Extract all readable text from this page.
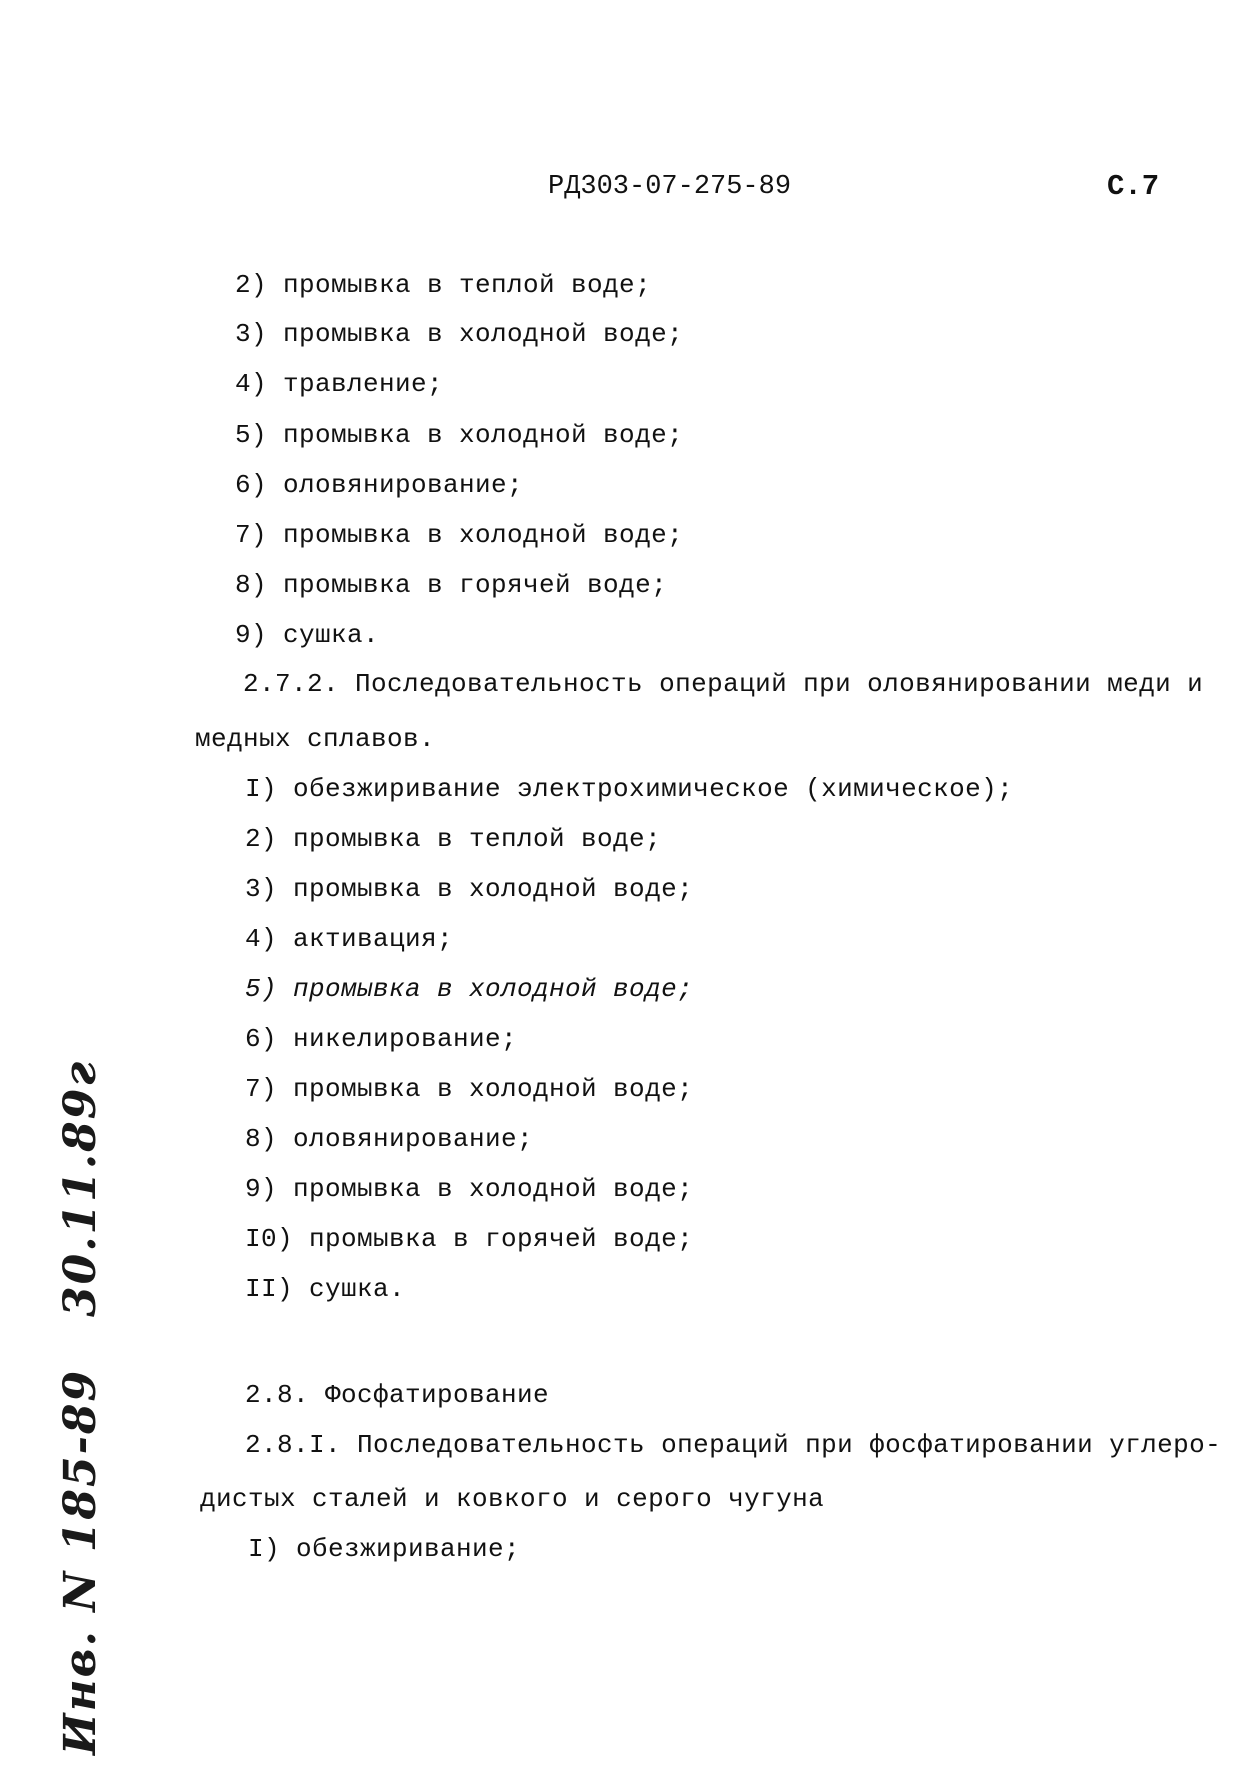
РД303-07-275-89	С.7
2) промывка в теплой воде;
3) промывка в холодной воде;
4) травление;
5) промывка в холодной воде;
6) оловянирование;
7) промывка в холодной воде;
8) промывка в горячей воде;
9) сушка.
2.7.2. Последовательность операций при оловянировании меди и
медных сплавов.
I) обезжиривание электрохимическое (химическое);
2) промывка в теплой воде;
3) промывка в холодной воде;
4) активация;
5) промывка в холодной воде;
6) никелирование;
7) промывка в холодной воде;
8) оловянирование;
9) промывка в холодной воде;
I0) промывка в горячей воде;
II) сушка.
2.8. Фосфатирование
2.8.I. Последовательность операций при фосфатировании углеро-
дистых сталей и ковкого и серого чугуна
I) обезжиривание;
Инв. N 185-89   30.11.89г
